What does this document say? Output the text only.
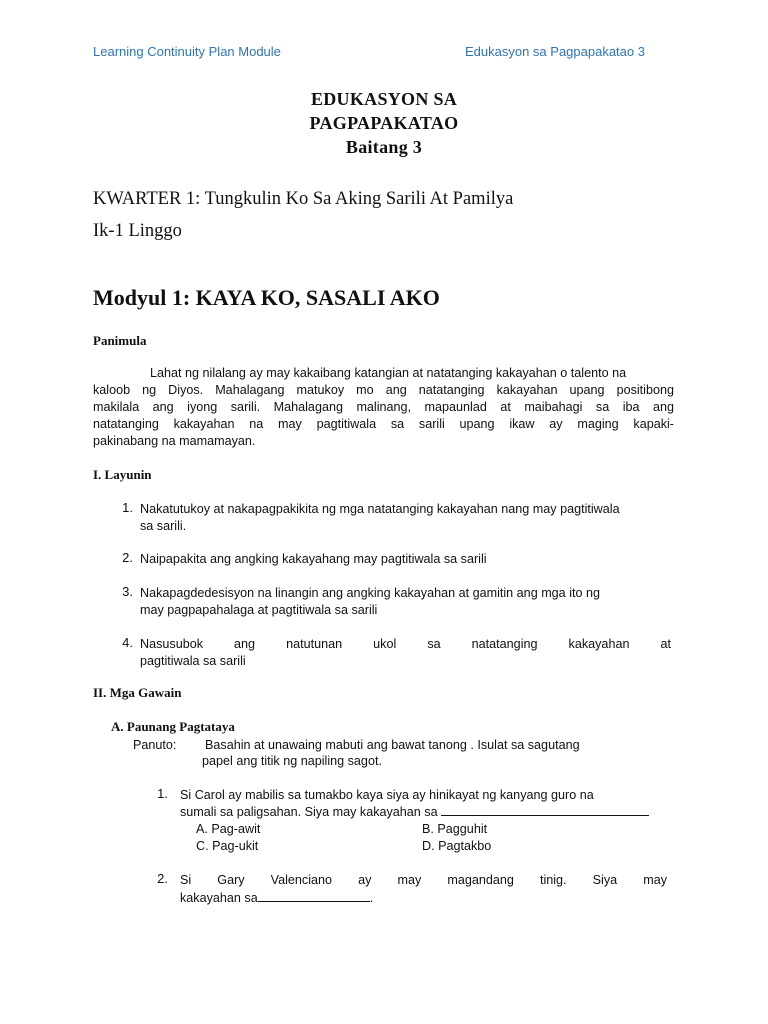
Learning Continuity Plan Module	Edukasyon sa Pagpapakatao 3
EDUKASYON SA
PAGPAPAKATAO
Baitang 3
KWARTER 1: Tungkulin Ko Sa Aking Sarili At Pamilya
Ik-1 Linggo
Modyul 1: KAYA KO, SASALI AKO
Panimula
Lahat ng nilalang ay may kakaibang katangian at natatanging kakayahan o talento na
kaloob ng Diyos. Mahalagang matukoy mo ang natatanging kakayahan upang positibong
makilala ang iyong sarili. Mahalagang malinang, mapaunlad at maibahagi sa iba ang
natatanging kakayahan na may pagtitiwala sa sarili upang ikaw ay maging kapaki-
pakinabang na mamamayan.
I. Layunin
1. Nakatutukoy at nakapagpakikita ng mga natatanging kakayahan nang may pagtitiwala
sa sarili.
2. Naipapakita ang angking kakayahang may pagtitiwala sa sarili
3. Nakapagdedesisyon na linangin ang angking kakayahan at gamitin ang mga ito ng
may pagpapahalaga at pagtitiwala sa sarili
4. Nasusubok ang natutunan ukol sa natatanging kakayahan at
pagtitiwala sa sarili
II. Mga Gawain
A. Paunang Pagtataya
Panuto: Basahin at unawaing mabuti ang bawat tanong . Isulat sa sagutang
papel ang titik ng napiling sagot.
1. Si Carol ay mabilis sa tumakbo kaya siya ay hinikayat ng kanyang guro na
sumali sa paligsahan. Siya may kakayahan sa
A. Pag-awit	B. Pagguhit
C. Pag-ukit	D. Pagtakbo
2. Si Gary Valenciano ay may magandang tinig. Siya may
kakayahan sa	.
